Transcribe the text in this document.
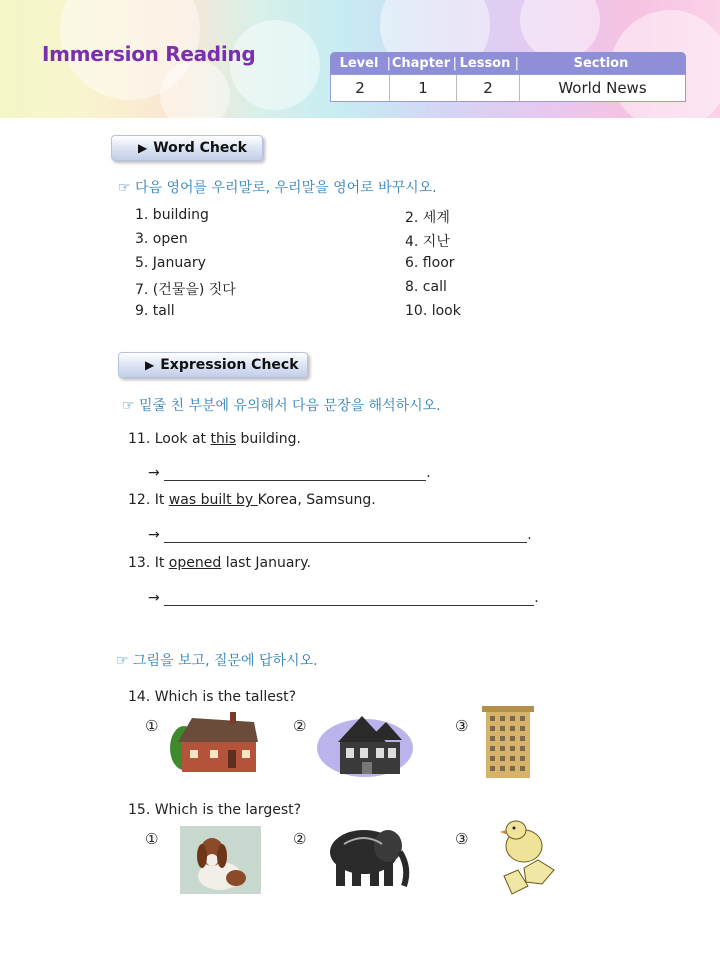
Immersion Reading	Level |	Chapter | Lesson |	Section
2	1	2	World News
▶ Word Check
☞ 다음 영어를 우리말로, 우리말을 영어로 바꾸시오.
1. building	2. 세계
3. open	4. 지난
5. January	6. floor
7. (건물을) 짓다	8. call
9. tall	10. look
▶ Expression Check
☞ 밑줄 친 부분에 유의해서 다음 문장을 해석하시오.
11. Look at this building.
→	.
12. It was built by Korea, Samsung.
→	.
13. It opened last January.
→	.
☞ 그림을 보고, 질문에 답하시오.
14. Which is the tallest?
①	②	③
15. Which is the largest?
①	②	③
